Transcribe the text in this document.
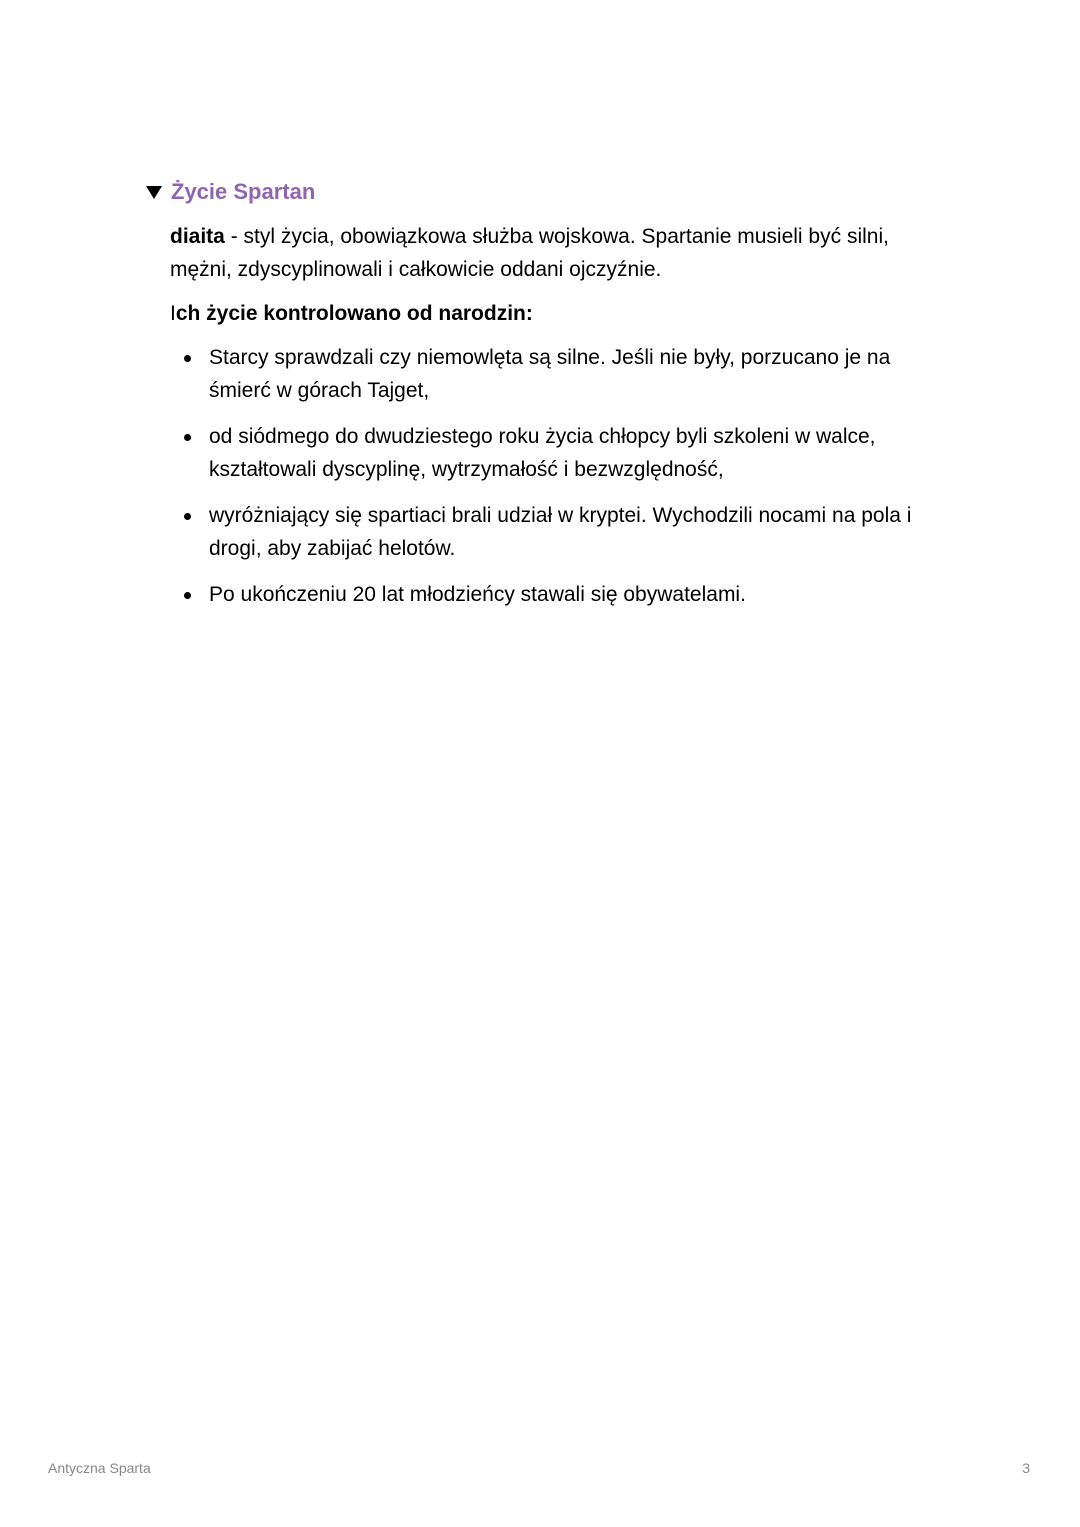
Życie Spartan

diaita - styl życia, obowiązkowa służba wojskowa. Spartanie musieli być silni, mężni, zdyscyplinowali i całkowicie oddani ojczyźnie.

Ich życie kontrolowano od narodzin:

Starcy sprawdzali czy niemowlęta są silne. Jeśli nie były, porzucano je na śmierć w górach Tajget,
od siódmego do dwudziestego roku życia chłopcy byli szkoleni w walce, kształtowali dyscyplinę, wytrzymałość i bezwzględność,
wyróżniający się spartiaci brali udział w kryptei. Wychodzili nocami na pola i drogi, aby zabijać helotów.
Po ukończeniu 20 lat młodzieńcy stawali się obywatelami.
Antyczna Sparta	3
